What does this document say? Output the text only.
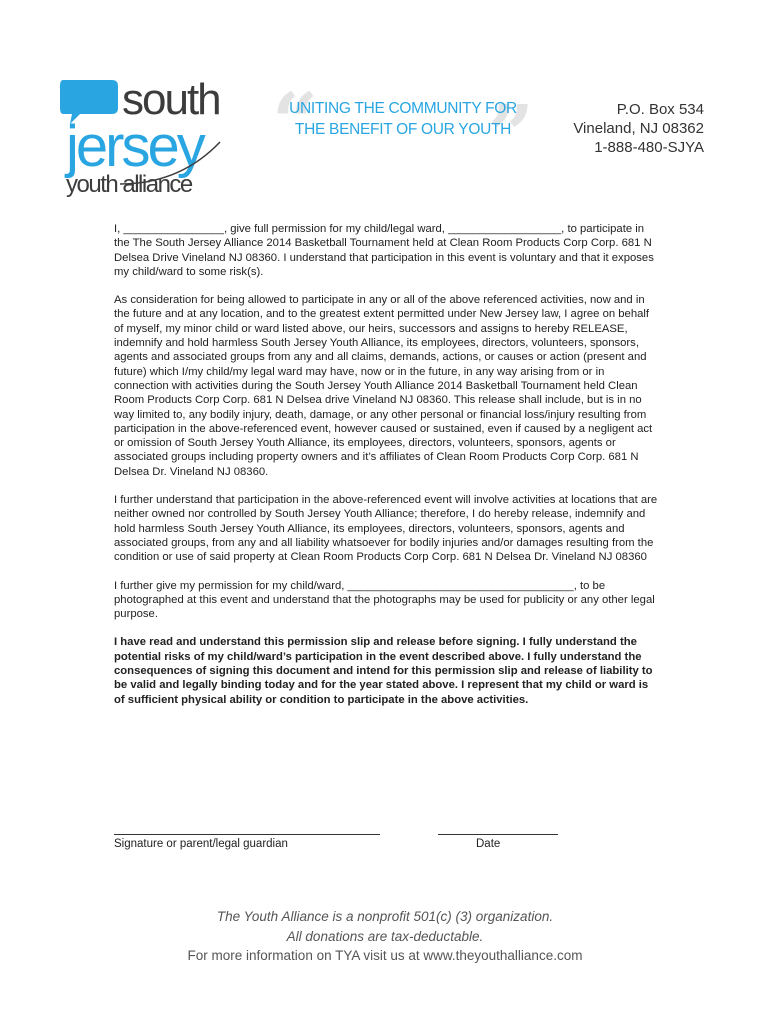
south
jersey
youth alliance
“ ”
UNITING THE COMMUNITY FOR
THE BENEFIT OF OUR YOUTH
P.O. Box 534
Vineland, NJ 08362
1-888-480-SJYA

I, ________________, give full permission for my child/legal ward, __________________, to participate in the The South Jersey Alliance 2014 Basketball Tournament held at Clean Room Products Corp Corp. 681 N Delsea Drive Vineland NJ 08360. I understand that participation in this event is voluntary and that it exposes my child/ward to some risk(s).

As consideration for being allowed to participate in any or all of the above referenced activities, now and in the future and at any location, and to the greatest extent permitted under New Jersey law, I agree on behalf of myself, my minor child or ward listed above, our heirs, successors and assigns to hereby RELEASE, indemnify and hold harmless South Jersey Youth Alliance, its employees, directors, volunteers, sponsors, agents and associated groups from any and all claims, demands, actions, or causes or action (present and future) which I/my child/my legal ward may have, now or in the future, in any way arising from or in connection with activities during the South Jersey Youth Alliance 2014 Basketball Tournament held Clean Room Products Corp Corp. 681 N Delsea drive Vineland NJ 08360. This release shall include, but is in no way limited to, any bodily injury, death, damage, or any other personal or financial loss/injury resulting from participation in the above-referenced event, however caused or sustained, even if caused by a negligent act or omission of South Jersey Youth Alliance, its employees, directors, volunteers, sponsors, agents or associated groups including property owners and it’s affiliates of Clean Room Products Corp Corp. 681 N Delsea Dr. Vineland NJ 08360.

I further understand that participation in the above-referenced event will involve activities at locations that are neither owned nor controlled by South Jersey Youth Alliance; therefore, I do hereby release, indemnify and hold harmless South Jersey Youth Alliance, its employees, directors, volunteers, sponsors, agents and associated groups, from any and all liability whatsoever for bodily injuries and/or damages resulting from the condition or use of said property at Clean Room Products Corp Corp. 681 N Delsea Dr. Vineland NJ 08360

I further give my permission for my child/ward, ____________________________________, to be photographed at this event and understand that the photographs may be used for publicity or any other legal purpose.

I have read and understand this permission slip and release before signing. I fully understand the potential risks of my child/ward’s participation in the event described above. I fully understand the consequences of signing this document and intend for this permission slip and release of liability to be valid and legally binding today and for the year stated above. I represent that my child or ward is of sufficient physical ability or condition to participate in the above activities.

Signature or parent/legal guardian	Date
The Youth Alliance is a nonprofit 501(c) (3) organization.
All donations are tax-deductable.
For more information on TYA visit us at www.theyouthalliance.com
